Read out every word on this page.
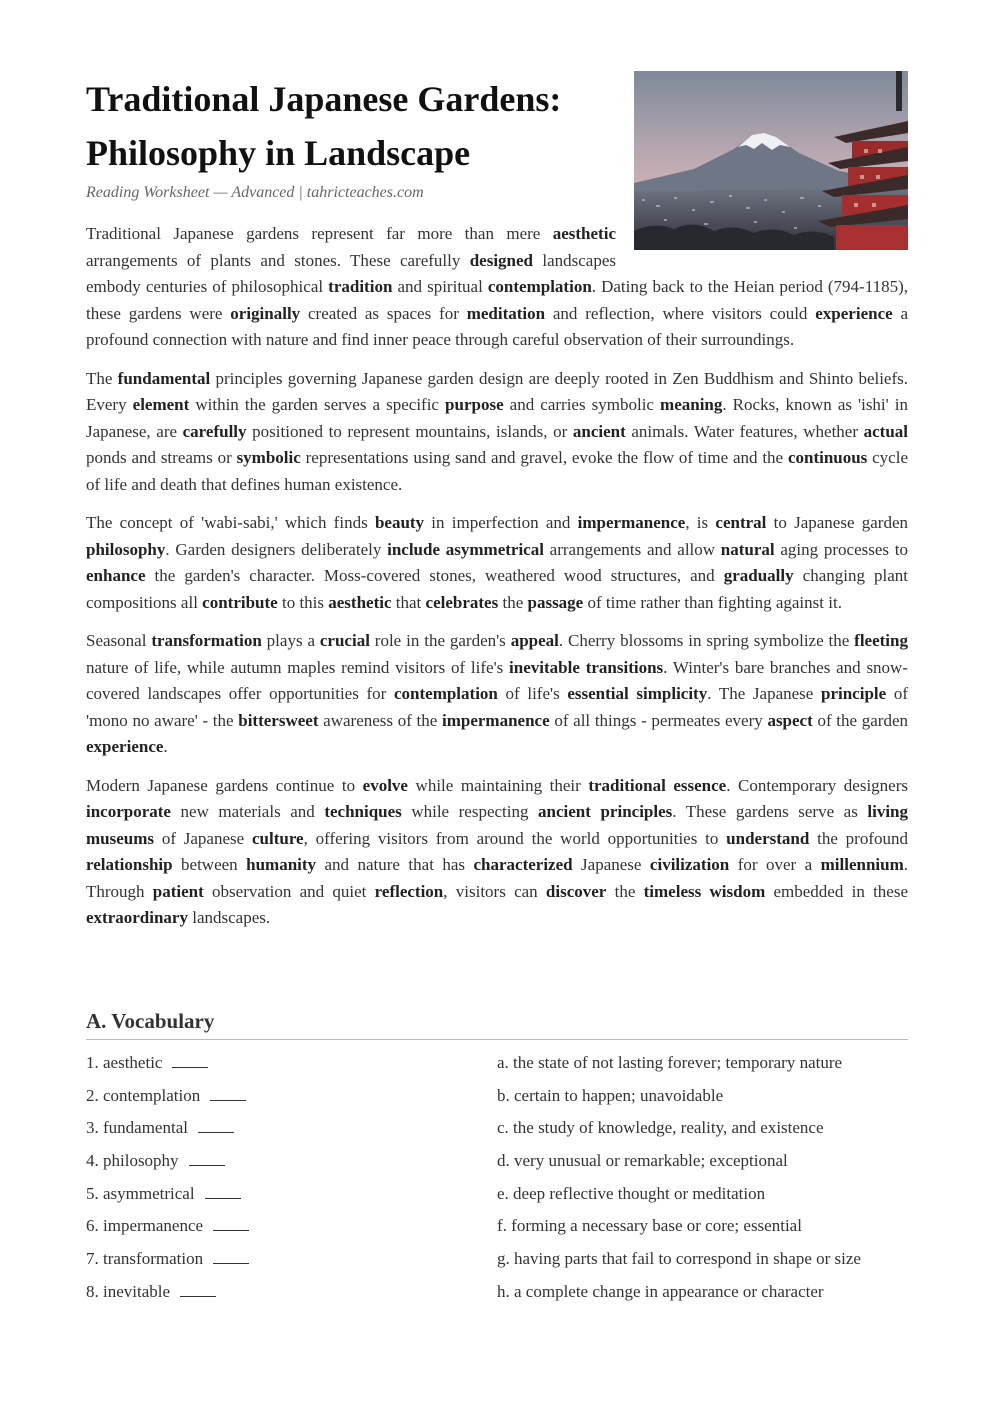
Traditional Japanese Gardens: Philosophy in Landscape

Reading Worksheet — Advanced | tahricteaches.com

Traditional Japanese gardens represent far more than mere aesthetic arrangements of plants and stones. These carefully designed landscapes embody centuries of philosophical tradition and spiritual contemplation. Dating back to the Heian period (794-1185), these gardens were originally created as spaces for meditation and reflection, where visitors could experience a profound connection with nature and find inner peace through careful observation of their surroundings.

The fundamental principles governing Japanese garden design are deeply rooted in Zen Buddhism and Shinto beliefs. Every element within the garden serves a specific purpose and carries symbolic meaning. Rocks, known as 'ishi' in Japanese, are carefully positioned to represent mountains, islands, or ancient animals. Water features, whether actual ponds and streams or symbolic representations using sand and gravel, evoke the flow of time and the continuous cycle of life and death that defines human existence.

The concept of 'wabi-sabi,' which finds beauty in imperfection and impermanence, is central to Japanese garden philosophy. Garden designers deliberately include asymmetrical arrangements and allow natural aging processes to enhance the garden's character. Moss-covered stones, weathered wood structures, and gradually changing plant compositions all contribute to this aesthetic that celebrates the passage of time rather than fighting against it.

Seasonal transformation plays a crucial role in the garden's appeal. Cherry blossoms in spring symbolize the fleeting nature of life, while autumn maples remind visitors of life's inevitable transitions. Winter's bare branches and snow-covered landscapes offer opportunities for contemplation of life's essential simplicity. The Japanese principle of 'mono no aware' - the bittersweet awareness of the impermanence of all things - permeates every aspect of the garden experience.

Modern Japanese gardens continue to evolve while maintaining their traditional essence. Contemporary designers incorporate new materials and techniques while respecting ancient principles. These gardens serve as living museums of Japanese culture, offering visitors from around the world opportunities to understand the profound relationship between humanity and nature that has characterized Japanese civilization for over a millennium. Through patient observation and quiet reflection, visitors can discover the timeless wisdom embedded in these extraordinary landscapes.

A. Vocabulary
1. aesthetic
2. contemplation
3. fundamental
4. philosophy
5. asymmetrical
6. impermanence
7. transformation
8. inevitable
a. the state of not lasting forever; temporary nature
b. certain to happen; unavoidable
c. the study of knowledge, reality, and existence
d. very unusual or remarkable; exceptional
e. deep reflective thought or meditation
f. forming a necessary base or core; essential
g. having parts that fail to correspond in shape or size
h. a complete change in appearance or character
